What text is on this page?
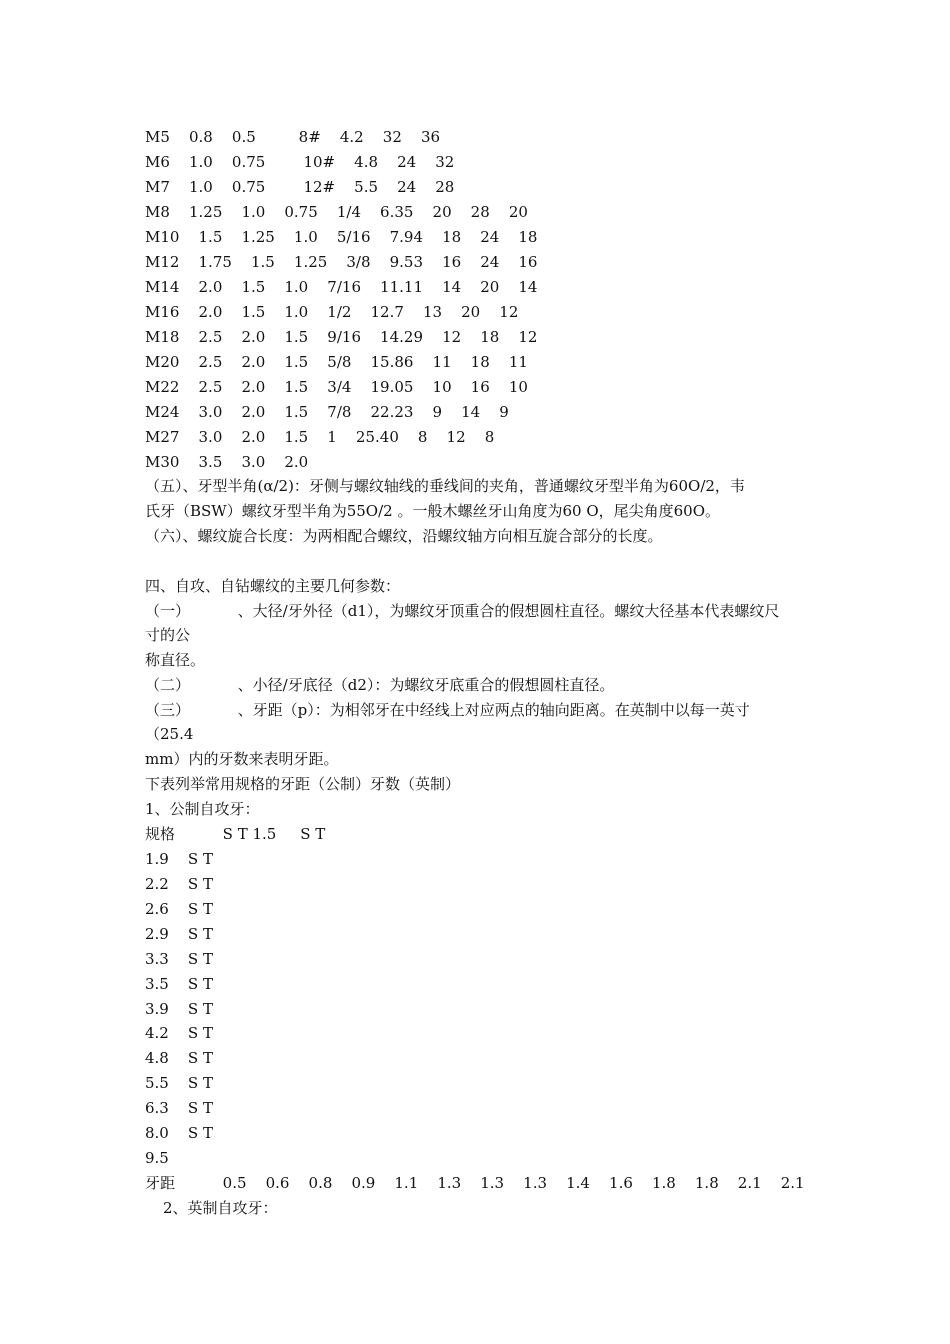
M5    0.8    0.5         8#    4.2    32    36
M6    1.0    0.75        10#    4.8    24    32
M7    1.0    0.75        12#    5.5    24    28
M8    1.25    1.0    0.75    1/4    6.35    20    28    20
M10    1.5    1.25    1.0    5/16    7.94    18    24    18
M12    1.75    1.5    1.25    3/8    9.53    16    24    16
M14    2.0    1.5    1.0    7/16    11.11    14    20    14
M16    2.0    1.5    1.0    1/2    12.7    13    20    12
M18    2.5    2.0    1.5    9/16    14.29    12    18    12
M20    2.5    2.0    1.5    5/8    15.86    11    18    11
M22    2.5    2.0    1.5    3/4    19.05    10    16    10
M24    3.0    2.0    1.5    7/8    22.23    9    14    9
M27    3.0    2.0    1.5    1    25.40    8    12    8
M30    3.5    3.0    2.0
（五）、牙型半角(α/2)：牙侧与螺纹轴线的垂线间的夹角，普通螺纹牙型半角为60O/2，韦
氏牙（BSW）螺纹牙型半角为55O/2 。一般木螺丝牙山角度为60 O，尾尖角度60O。
（六）、螺纹旋合长度：为两相配合螺纹，沿螺纹轴方向相互旋合部分的长度。
四、自攻、自钻螺纹的主要几何参数：
（一）          、大径/牙外径（d1），为螺纹牙顶重合的假想圆柱直径。螺纹大径基本代表螺纹尺
寸的公
称直径。
（二）          、小径/牙底径（d2）：为螺纹牙底重合的假想圆柱直径。
（三）          、牙距（p）：为相邻牙在中经线上对应两点的轴向距离。在英制中以每一英寸
（25.4
mm）内的牙数来表明牙距。
下表列举常用规格的牙距（公制）牙数（英制）
1、公制自攻牙：
规格          S T 1.5     S T
1.9    S T
2.2    S T
2.6    S T
2.9    S T
3.3    S T
3.5    S T
3.9    S T
4.2    S T
4.8    S T
5.5    S T
6.3    S T
8.0    S T
9.5
牙距          0.5    0.6    0.8    0.9    1.1    1.3    1.3    1.3    1.4    1.6    1.8    1.8    2.1    2.1
2、英制自攻牙：
